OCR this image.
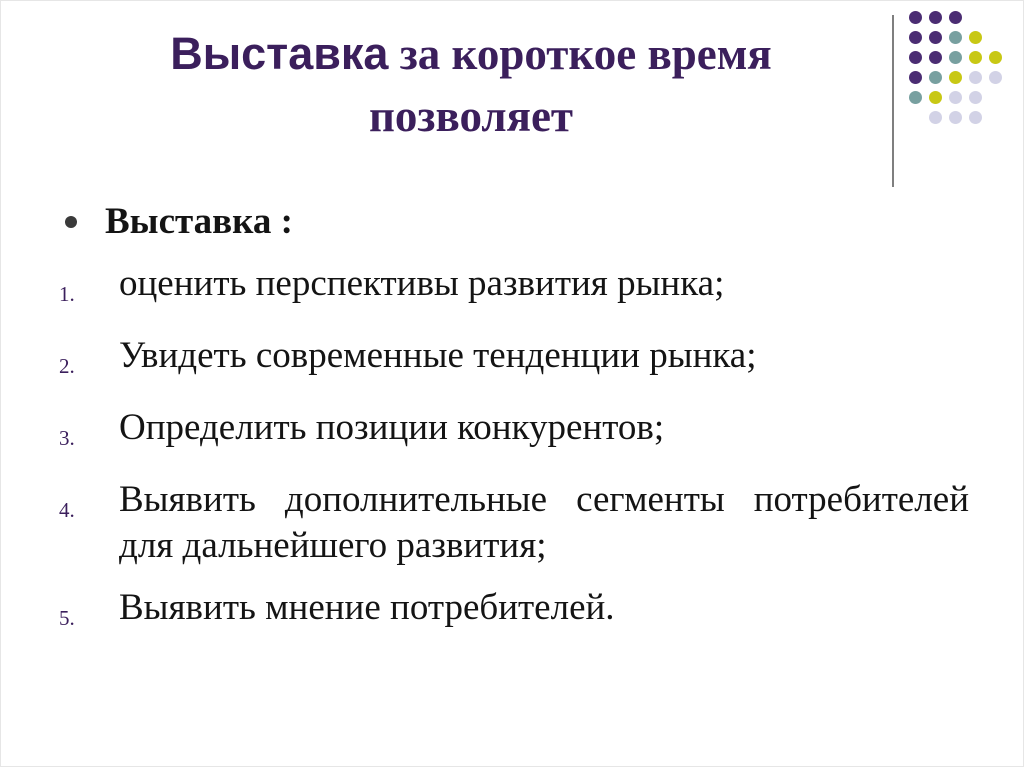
Выставка за короткое время
позволяет
Выставка :
1.	оценить перспективы развития рынка;
2.	Увидеть современные тенденции рынка;
3.	Определить позиции конкурентов;
4.	Выявить дополнительные сегменты потребителей для дальнейшего развития;
5.	Выявить мнение потребителей.
